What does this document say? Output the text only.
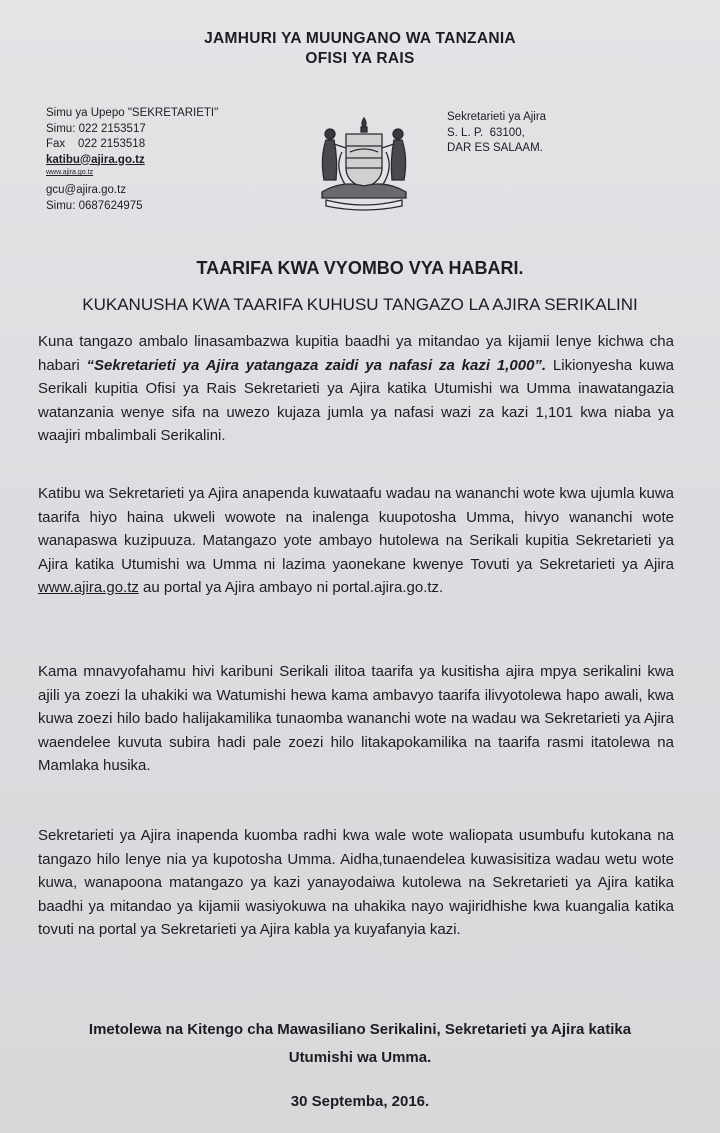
JAMHURI YA MUUNGANO WA TANZANIA
OFISI YA RAIS
Simu ya Upepo "SEKRETARIETI"
Simu: 022 2153517
Fax    022 2153518
katibu@ajira.go.tz
www.ajira.go.tz
gcu@ajira.go.tz
Simu: 0687624975
Sekretarieti ya Ajira
S. L. P.  63100,
DAR ES SALAAM.
TAARIFA KWA VYOMBO VYA HABARI.
KUKANUSHA KWA TAARIFA KUHUSU TANGAZO LA AJIRA SERIKALINI
Kuna tangazo ambalo linasambazwa kupitia baadhi ya mitandao ya kijamii lenye kichwa cha habari “Sekretarieti ya Ajira yatangaza zaidi ya nafasi za kazi 1,000”. Likionyesha kuwa Serikali kupitia Ofisi ya Rais Sekretarieti ya Ajira katika Utumishi wa Umma inawatangazia watanzania wenye sifa na uwezo kujaza jumla ya nafasi wazi za kazi 1,101 kwa niaba ya waajiri mbalimbali Serikalini.
Katibu wa Sekretarieti ya Ajira anapenda kuwataafu wadau na wananchi wote kwa ujumla kuwa taarifa hiyo haina ukweli wowote na inalenga kuupotosha Umma, hivyo wananchi wote wanapaswa kuzipuuza. Matangazo yote ambayo hutolewa na Serikali kupitia Sekretarieti ya Ajira katika Utumishi wa Umma ni lazima yaonekane kwenye Tovuti ya Sekretarieti ya Ajira www.ajira.go.tz au portal ya Ajira ambayo ni portal.ajira.go.tz.
Kama mnavyofahamu hivi karibuni Serikali ilitoa taarifa ya kusitisha ajira mpya serikalini kwa ajili ya zoezi la uhakiki wa Watumishi hewa kama ambavyo taarifa ilivyotolewa hapo awali, kwa kuwa zoezi hilo bado halijakamilika tunaomba wananchi wote na wadau wa Sekretarieti ya Ajira waendelee kuvuta subira hadi pale zoezi hilo litakapokamilika na taarifa rasmi itatolewa na Mamlaka husika.
Sekretarieti ya Ajira inapenda kuomba radhi kwa wale wote waliopata usumbufu kutokana na tangazo hilo lenye nia ya kupotosha Umma. Aidha,tunaendelea kuwasisitiza wadau wetu wote kuwa, wanapoona matangazo ya kazi yanayodaiwa kutolewa na Sekretarieti ya Ajira katika baadhi ya mitandao ya kijamii wasiyokuwa na uhakika nayo wajiridhishe kwa kuangalia katika tovuti na portal ya Sekretarieti ya Ajira kabla ya kuyafanyia kazi.
Imetolewa na Kitengo cha Mawasiliano Serikalini, Sekretarieti ya Ajira katika
Utumishi wa Umma.
30 Septemba, 2016.
